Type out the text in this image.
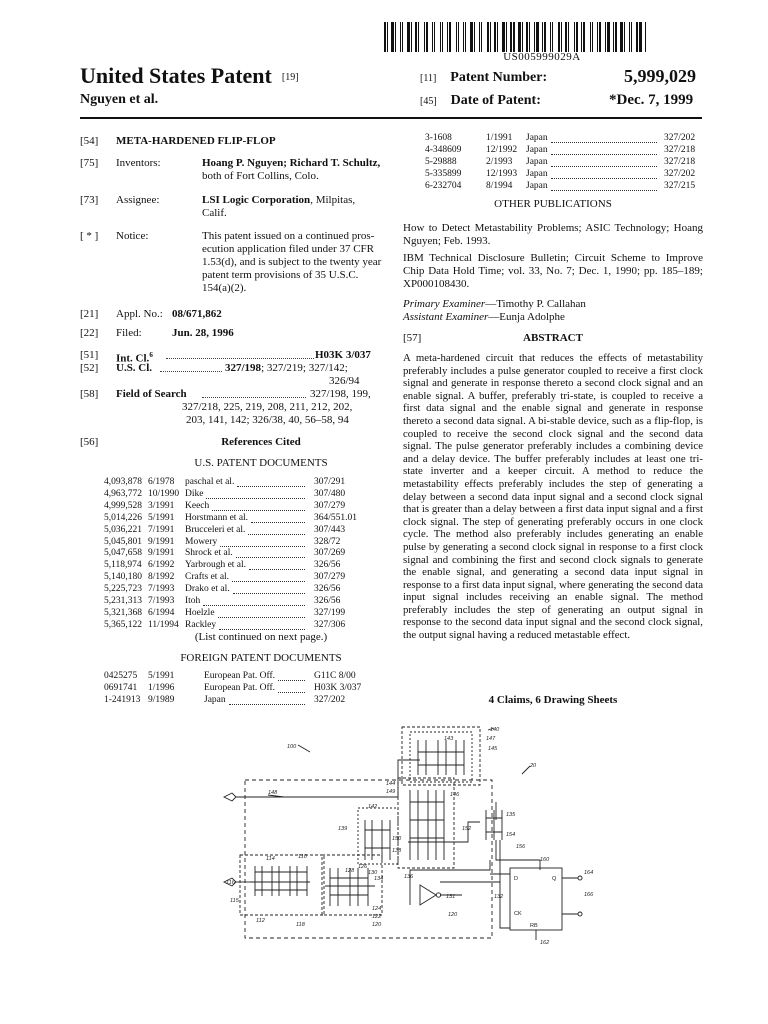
US005999029A
United States Patent [19]
Nguyen et al.
[11] Patent Number:	5,999,029
[45] Date of Patent:	*Dec. 7, 1999
[54] META-HARDENED FLIP-FLOP
[75] Inventors:	Hoang P. Nguyen; Richard T. Schultz,
both of Fort Collins, Colo.
[73] Assignee:	LSI Logic Corporation, Milpitas,
Calif.
[ * ] Notice:	This patent issued on a continued pros-
ecution application filed under 37 CFR
1.53(d), and is subject to the twenty year
patent term provisions of 35 U.S.C.
154(a)(2).
[21] Appl. No.: 08/671,862
[22] Filed:	Jun. 28, 1996
[51] Int. Cl.$^6$	H03K 3/037
[52] U.S. Cl.	327/198; 327/219; 327/142;
326/94
[58] Field of Search	327/198, 199,
327/218, 225, 219, 208, 211, 212, 202,
203, 141, 142; 326/38, 40, 56–58, 94
[56]	References Cited
U.S. PATENT DOCUMENTS
4,093,878 6/1978 paschal et al.	307/291
4,963,772 10/1990 Dike	307/480
4,999,528 3/1991 Keech	307/279
5,014,226 5/1991 Horstmann et al.	364/551.01
5,036,221 7/1991 Brucceleri et al.	307/443
5,045,801 9/1991 Mowery	328/72
5,047,658 9/1991 Shrock et al.	307/269
5,118,974 6/1992 Yarbrough et al.	326/56
5,140,180 8/1992 Crafts et al.	307/279
5,225,723 7/1993 Drako et al.	326/56
5,231,313 7/1993 Itoh	326/56
5,321,368 6/1994 Hoelzle	327/199
5,365,122 11/1994 Rackley	327/306
(List continued on next page.)
FOREIGN PATENT DOCUMENTS
0425275 5/1991	European Pat. Off.	G11C 8/00
0691741 1/1996	European Pat. Off.	H03K 3/037
1-241913 9/1989	Japan	327/202
3-1608	1/1991 Japan	327/202
4-348609	12/1992 Japan	327/218
5-29888	2/1993 Japan	327/218
5-335899	12/1993 Japan	327/202
6-232704	8/1994 Japan	327/215
OTHER PUBLICATIONS

How to Detect Metastability Problems; ASIC Technology; Hoang Nguyen; Feb. 1993.

IBM Technical Disclosure Bulletin; Circuit Scheme to Improve Chip Data Hold Time; vol. 33, No. 7; Dec. 1, 1990; pp. 185–189; XP000108430.

Primary Examiner—Timothy P. Callahan
Assistant Examiner—Eunja Adolphe
[57]	ABSTRACT
A meta-hardened circuit that reduces the effects of metastability preferably includes a pulse generator coupled to receive a first clock signal and generate in response thereto a second clock signal and an enable signal. A buffer, preferably tri-state, is coupled to receive a first data signal and the enable signal and generate in response thereto a second data signal. A bi-stable device, such as a flip-flop, is coupled to receive the second clock signal and the second data signal. The pulse generator preferably includes a combining device and a delay device. The buffer preferably includes at least one tri-state inverter and a keeper circuit. A method to reduce the metastability effects preferably includes the step of generating a delay between a second data input signal and a second clock signal that is greater than a delay between a first data input signal and a first clock signal. The step of generating preferably occurs in one clock cycle. The method also preferably includes generating an enable pulse by generating a second clock signal in response to a first clock signal and combining the first and second clock signals to generate the enable signal, and generating a second data input signal in response to a first data input signal, where generating the second data input signal includes receiving an enable signal. The method preferably includes the step of generating an output signal in response to the second data input signal and the second clock signal, the output signal having a reduced metastable effect.
4 Claims, 6 Drawing Sheets
100
20
140
147
143
145
144
149
148	146
142
139
150
138
152
135
154
156
114	110
126
128	130
134	136
116
115
112
118
124
122
120
131
120
132
160
164
166
162
D	Q
CK
RB
